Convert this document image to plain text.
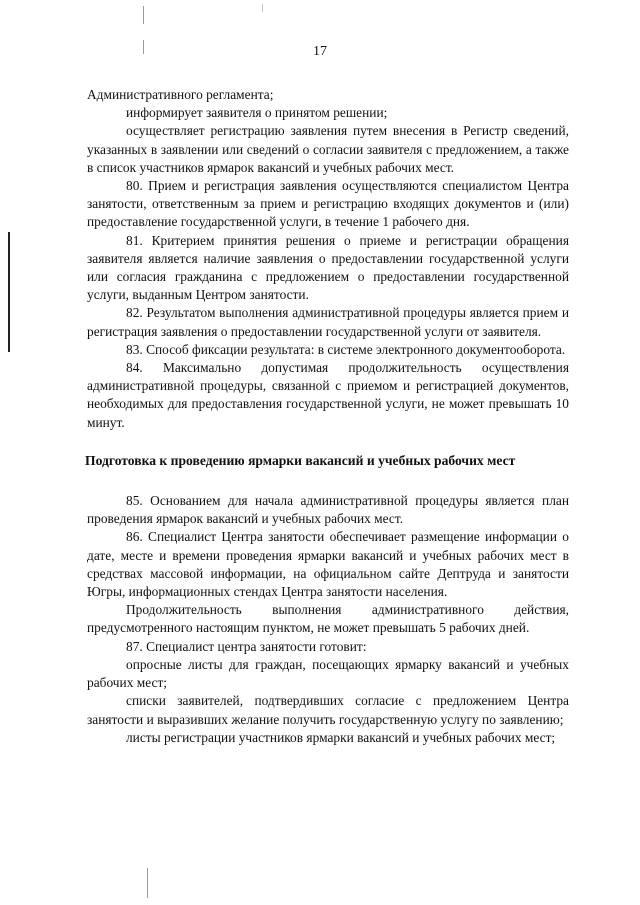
17

Административного регламента;

информирует заявителя о принятом решении;

осуществляет регистрацию заявления путем внесения в Регистр сведений, указанных в заявлении или сведений о согласии заявителя с предложением, а также в список участников ярмарок вакансий и учебных рабочих мест.

80. Прием и регистрация заявления осуществляются специалистом Центра занятости, ответственным за прием и регистрацию входящих документов и (или) предоставление государственной услуги, в течение 1 рабочего дня.

81. Критерием принятия решения о приеме и регистрации обращения заявителя является наличие заявления о предоставлении государственной услуги или согласия гражданина с предложением о предоставлении государственной услуги, выданным Центром занятости.

82. Результатом выполнения административной процедуры является прием и регистрация заявления о предоставлении государственной услуги от заявителя.

83. Способ фиксации результата: в системе электронного документооборота.

84. Максимально допустимая продолжительность осуществления административной процедуры, связанной с приемом и регистрацией документов, необходимых для предоставления государственной услуги, не может превышать 10 минут.

Подготовка к проведению ярмарки вакансий и учебных рабочих мест

85. Основанием для начала административной процедуры является план проведения ярмарок вакансий и учебных рабочих мест.

86. Специалист Центра занятости обеспечивает размещение информации о дате, месте и времени проведения ярмарки вакансий и учебных рабочих мест в средствах массовой информации, на официальном сайте Дептруда и занятости Югры, информационных стендах Центра занятости населения.

Продолжительность выполнения административного действия, предусмотренного настоящим пунктом, не может превышать 5 рабочих дней.

87. Специалист центра занятости готовит:

опросные листы для граждан, посещающих ярмарку вакансий и учебных рабочих мест;

списки заявителей, подтвердивших согласие с предложением Центра занятости и выразивших желание получить государственную услугу по заявлению;

листы регистрации участников ярмарки вакансий и учебных рабочих мест;
